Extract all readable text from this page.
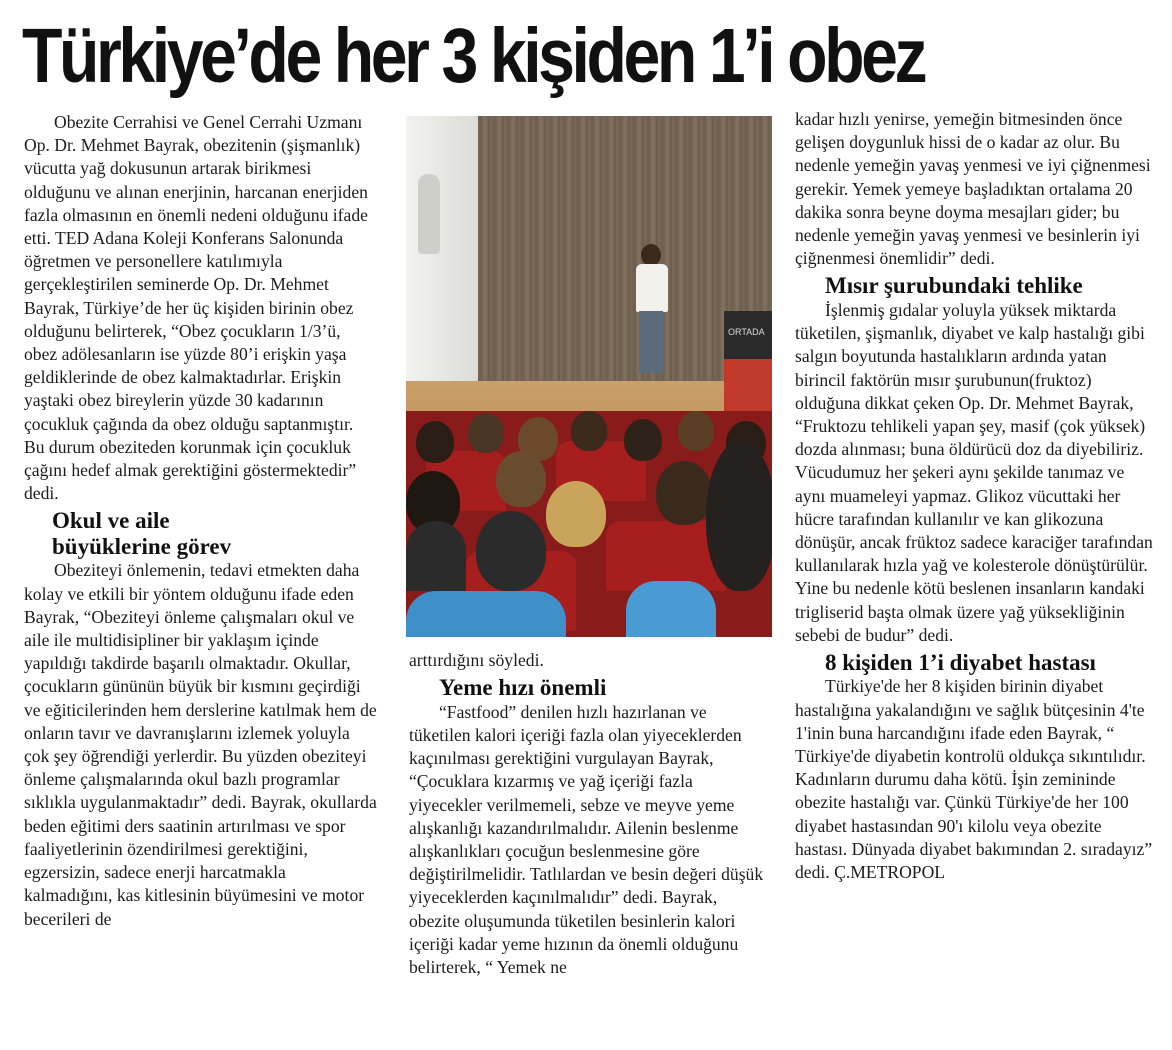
Türkiye’de her 3 kişiden 1’i obez

Obezite Cerrahisi ve Genel Cerrahi Uzmanı Op. Dr. Mehmet Bayrak, obezitenin (şişmanlık) vücutta yağ dokusunun artarak birikmesi olduğunu ve alınan enerjinin, harcanan enerjiden fazla olmasının en önemli nedeni olduğunu ifade etti. TED Adana Koleji Konferans Salonunda öğretmen ve personellere katılımıyla gerçekleştirilen seminerde Op. Dr. Mehmet Bayrak, Türkiye’de her üç kişiden birinin obez olduğunu belirterek, “Obez çocukların 1/3’ü, obez adölesanların ise yüzde 80’i erişkin yaşa geldiklerinde de obez kalmaktadırlar. Erişkin yaştaki obez bireylerin yüzde 30 kadarının çocukluk çağında da obez olduğu saptanmıştır. Bu durum obeziteden korunmak için çocukluk çağını hedef almak gerektiğini göstermektedir” dedi.

Okul ve aile
büyüklerine görev

Obeziteyi önlemenin, tedavi etmekten daha kolay ve etkili bir yöntem olduğunu ifade eden Bayrak, “Obeziteyi önleme çalışmaları okul ve aile ile multidisipliner bir yaklaşım içinde yapıldığı takdirde başarılı olmaktadır. Okullar, çocukların gününün büyük bir kısmını geçirdiği ve eğiticilerinden hem derslerine katılmak hem de onların tavır ve davranışlarını izlemek yoluyla çok şey öğrendiği yerlerdir. Bu yüzden obeziteyi önleme çalışmalarında okul bazlı programlar sıklıkla uygulanmaktadır” dedi. Bayrak, okullarda beden eğitimi ders saatinin artırılması ve spor faaliyetlerinin özendirilmesi gerektiğini, egzersizin, sadece enerji harcatmakla kalmadığını, kas kitlesinin büyümesini ve motor becerileri de

ORTADA

arttırdığını söyledi.

Yeme hızı önemli

“Fastfood” denilen hızlı hazırlanan ve tüketilen kalori içeriği fazla olan yiyeceklerden kaçınılması gerektiğini vurgulayan Bayrak, “Çocuklara kızarmış ve yağ içeriği fazla yiyecekler verilmemeli, sebze ve meyve yeme alışkanlığı kazandırılmalıdır. Ailenin beslenme alışkanlıkları çocuğun beslenmesine göre değiştirilmelidir. Tatlılardan ve besin değeri düşük yiyeceklerden kaçınılmalıdır” dedi. Bayrak, obezite oluşumunda tüketilen besinlerin kalori içeriği kadar yeme hızının da önemli olduğunu belirterek, “ Yemek ne

kadar hızlı yenirse, yemeğin bitmesinden önce gelişen doygunluk hissi de o kadar az olur. Bu nedenle yemeğin yavaş yenmesi ve iyi çiğnenmesi gerekir. Yemek yemeye başladıktan ortalama 20 dakika sonra beyne doyma mesajları gider; bu nedenle yemeğin yavaş yenmesi ve besinlerin iyi çiğnenmesi önemlidir” dedi.

Mısır şurubundaki tehlike

İşlenmiş gıdalar yoluyla yüksek miktarda tüketilen, şişmanlık, diyabet ve kalp hastalığı gibi salgın boyutunda hastalıkların ardında yatan birincil faktörün mısır şurubunun(fruktoz) olduğuna dikkat çeken Op. Dr. Mehmet Bayrak, “Fruktozu tehlikeli yapan şey, masif (çok yüksek) dozda alınması; buna öldürücü doz da diyebiliriz. Vücudumuz her şekeri aynı şekilde tanımaz ve aynı muameleyi yapmaz. Glikoz vücuttaki her hücre tarafından kullanılır ve kan glikozuna dönüşür, ancak früktoz sadece karaciğer tarafından kullanılarak hızla yağ ve kolesterole dönüştürülür. Yine bu nedenle kötü beslenen insanların kandaki trigliserid başta olmak üzere yağ yüksekliğinin sebebi de budur” dedi.

8 kişiden 1’i diyabet hastası

Türkiye'de her 8 kişiden birinin diyabet hastalığına yakalandığını ve sağlık bütçesinin 4'te 1'inin buna harcandığını ifade eden Bayrak, “ Türkiye'de diyabetin kontrolü oldukça sıkıntılıdır. Kadınların durumu daha kötü. İşin zemininde obezite hastalığı var. Çünkü Türkiye'de her 100 diyabet hastasından 90'ı kilolu veya obezite hastası. Dünyada diyabet bakımından 2. sıradayız” dedi. Ç.METROPOL
